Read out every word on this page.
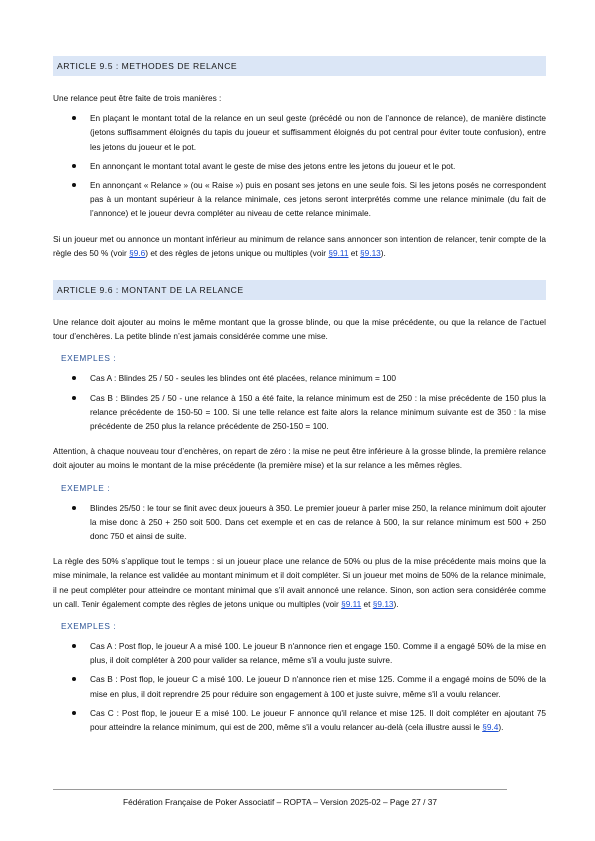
ARTICLE 9.5 : METHODES DE RELANCE

Une relance peut être faite de trois manières :

En plaçant le montant total de la relance en un seul geste (précédé ou non de l’annonce de relance), de manière distincte (jetons suffisamment éloignés du tapis du joueur et suffisamment éloignés du pot central pour éviter toute confusion), entre les jetons du joueur et le pot.
En annonçant le montant total avant le geste de mise des jetons entre les jetons du joueur et le pot.
En annonçant « Relance » (ou « Raise ») puis en posant ses jetons en une seule fois. Si les jetons posés ne correspondent pas à un montant supérieur à la relance minimale, ces jetons seront interprétés comme une relance minimale (du fait de l’annonce) et le joueur devra compléter au niveau de cette relance minimale.

Si un joueur met ou annonce un montant inférieur au minimum de relance sans annoncer son intention de relancer, tenir compte de la règle des 50 % (voir §9.6) et des règles de jetons unique ou multiples (voir §9.11 et §9.13).

ARTICLE 9.6 : MONTANT DE LA RELANCE

Une relance doit ajouter au moins le même montant que la grosse blinde, ou que la mise précédente, ou que la relance de l’actuel tour d’enchères. La petite blinde n’est jamais considérée comme une mise.

EXEMPLES :
Cas A : Blindes 25 / 50 - seules les blindes ont été placées, relance minimum = 100
Cas B : Blindes 25 / 50 - une relance à 150 a été faite, la relance minimum est de 250 : la mise précédente de 150 plus la relance précédente de 150-50 = 100. Si une telle relance est faite alors la relance minimum suivante est de 350 : la mise précédente de 250 plus la relance précédente de 250-150 = 100.

Attention, à chaque nouveau tour d’enchères, on repart de zéro : la mise ne peut être inférieure à la grosse blinde, la première relance doit ajouter au moins le montant de la mise précédente (la première mise) et la sur relance a les mêmes règles.

EXEMPLE :
Blindes 25/50 : le tour se finit avec deux joueurs à 350. Le premier joueur à parler mise 250, la relance minimum doit ajouter la mise donc à 250 + 250 soit 500. Dans cet exemple et en cas de relance à 500, la sur relance minimum est 500 + 250 donc 750 et ainsi de suite.

La règle des 50% s’applique tout le temps : si un joueur place une relance de 50% ou plus de la mise précédente mais moins que la mise minimale, la relance est validée au montant minimum et il doit compléter. Si un joueur met moins de 50% de la relance minimale, il ne peut compléter pour atteindre ce montant minimal que s’il avait annoncé une relance. Sinon, son action sera considérée comme un call. Tenir également compte des règles de jetons unique ou multiples (voir §9.11 et §9.13).

EXEMPLES :
Cas A : Post flop, le joueur A a misé 100. Le joueur B n'annonce rien et engage 150. Comme il a engagé 50% de la mise en plus, il doit compléter à 200 pour valider sa relance, même s'il a voulu juste suivre.
Cas B : Post flop, le joueur C a misé 100. Le joueur D n'annonce rien et mise 125. Comme il a engagé moins de 50% de la mise en plus, il doit reprendre 25 pour réduire son engagement à 100 et juste suivre, même s'il a voulu relancer.
Cas C : Post flop, le joueur E a misé 100. Le joueur F annonce qu'il relance et mise 125. Il doit compléter en ajoutant 75 pour atteindre la relance minimum, qui est de 200, même s'il a voulu relancer au-delà (cela illustre aussi le §9.4).
Fédération Française de Poker Associatif – ROPTA – Version 2025-02 – Page 27 / 37
